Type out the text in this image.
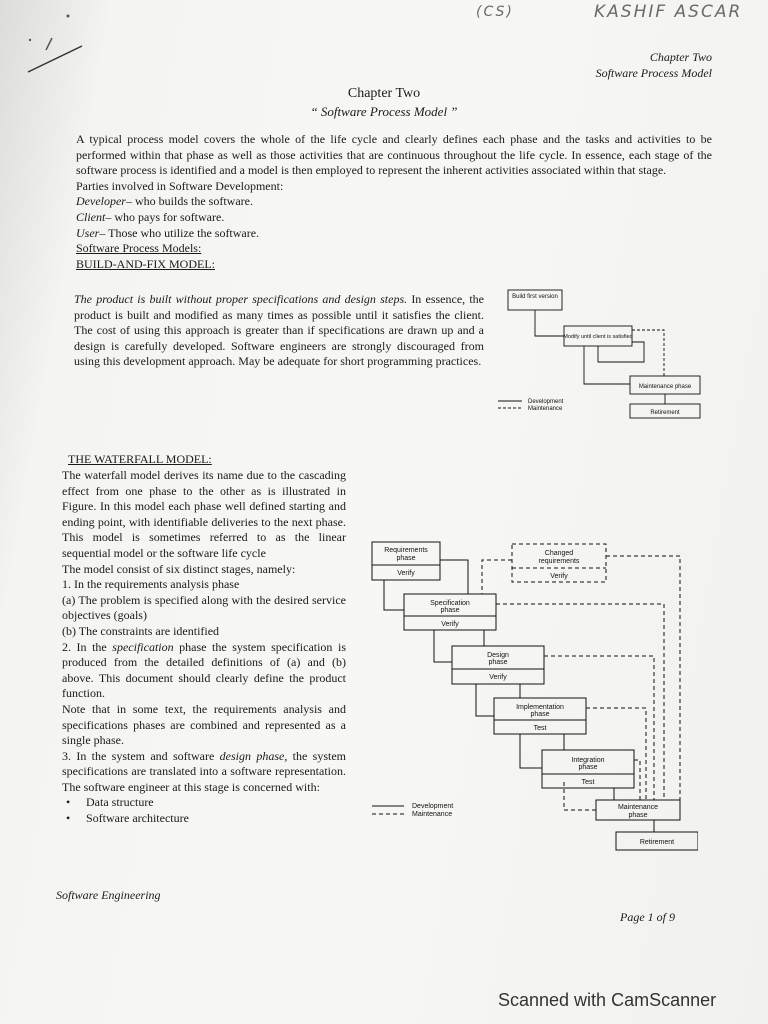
KASHIF ASCAR
(CS)
Chapter Two
Software Process Model
Chapter Two
“ Software Process Model ”
A typical process model covers the whole of the life cycle and clearly defines each phase and the tasks and activities to be performed within that phase as well as those activities that are continuous throughout the life cycle. In essence, each stage of the software process is identified and a model is then employed to represent the inherent activities associated within that stage.
Parties involved in Software Development:
Developer– who builds the software.
Client– who pays for software.
User– Those who utilize the software.
Software Process Models:
BUILD-AND-FIX MODEL:
The product is built without proper specifications and design steps. In essence, the product is built and modified as many times as possible until it satisfies the client. The cost of using this approach is greater than if specifications are drawn up and a design is carefully developed. Software engineers are strongly discouraged from using this development approach. May be adequate for short programming practices.
Build first version
Modify until client is satisfied
Maintenance phase
Retirement
Development
Maintenance
THE WATERFALL MODEL:
The waterfall model derives its name due to the cascading effect from one phase to the other as is illustrated in Figure. In this model each phase well defined starting and ending point, with identifiable deliveries to the next phase. This model is sometimes referred to as the linear sequential model or the software life cycle
The model consist of six distinct stages, namely:
1. In the requirements analysis phase
(a) The problem is specified along with the desired service objectives (goals)
(b) The constraints are identified
2. In the specification phase the system specification is produced from the detailed definitions of (a) and (b) above. This document should clearly define the product function.
Note that in some text, the requirements analysis and specifications phases are combined and represented as a single phase.
3. In the system and software design phase, the system specifications are translated into a software representation. The software engineer at this stage is concerned with:
• Data structure
• Software architecture
Requirements
phase
Verify
Changed
requirements
Verify
Specification
phase
Verify
Design
phase
Verify
Implementation
phase
Test
Integration
phase
Test
Maintenance
phase
Retirement
Development
Maintenance
Software Engineering
Page 1 of 9
Scanned with CamScanner
